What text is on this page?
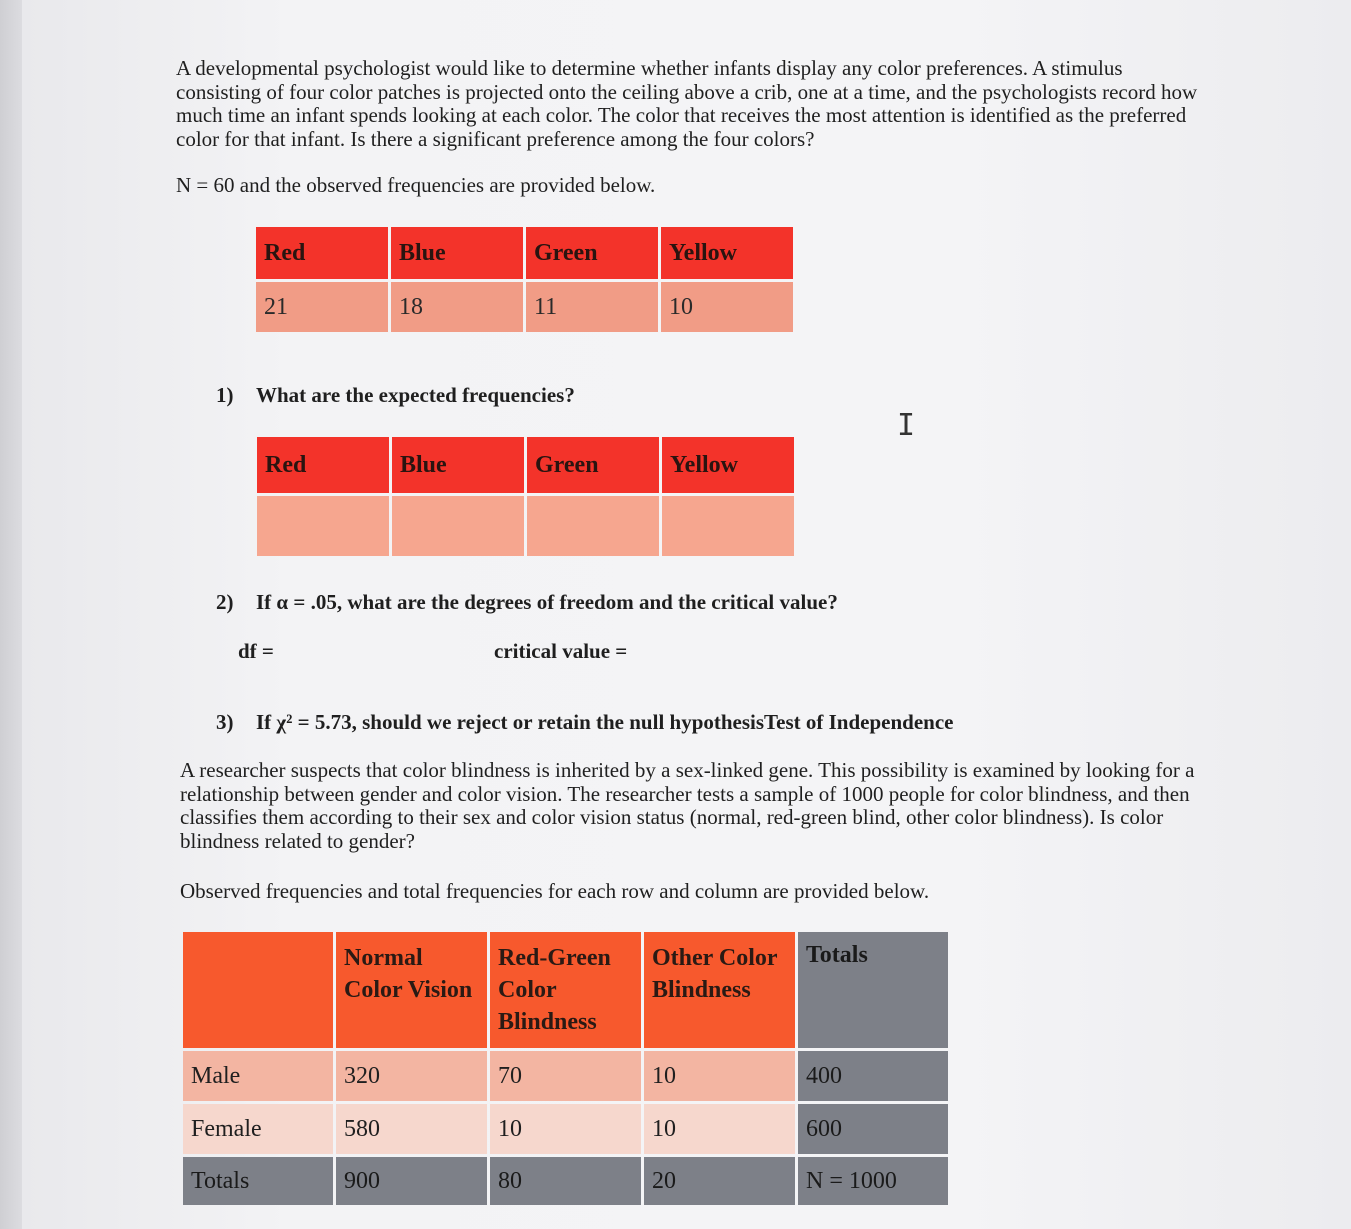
A developmental psychologist would like to determine whether infants display any color preferences. A stimulus consisting of four color patches is projected onto the ceiling above a crib, one at a time, and the psychologists record how much time an infant spends looking at each color. The color that receives the most attention is identified as the preferred color for that infant. Is there a significant preference among the four colors?

N = 60 and the observed frequencies are provided below.

Red	Blue	Green	Yellow
21	18	11	10

1) What are the expected frequencies?

Red	Blue	Green	Yellow

2) If α = .05, what are the degrees of freedom and the critical value?

df =	critical value =

3) If χ² = 5.73, should we reject or retain the null hypothesisTest of Independence

A researcher suspects that color blindness is inherited by a sex-linked gene. This possibility is examined by looking for a relationship between gender and color vision. The researcher tests a sample of 1000 people for color blindness, and then classifies them according to their sex and color vision status (normal, red-green blind, other color blindness). Is color blindness related to gender?

Observed frequencies and total frequencies for each row and column are provided below.

	Normal Color Vision	Red-Green Color Blindness	Other Color Blindness	Totals
Male	320	70	10	400
Female	580	10	10	600
Totals	900	80	20	N = 1000
I
